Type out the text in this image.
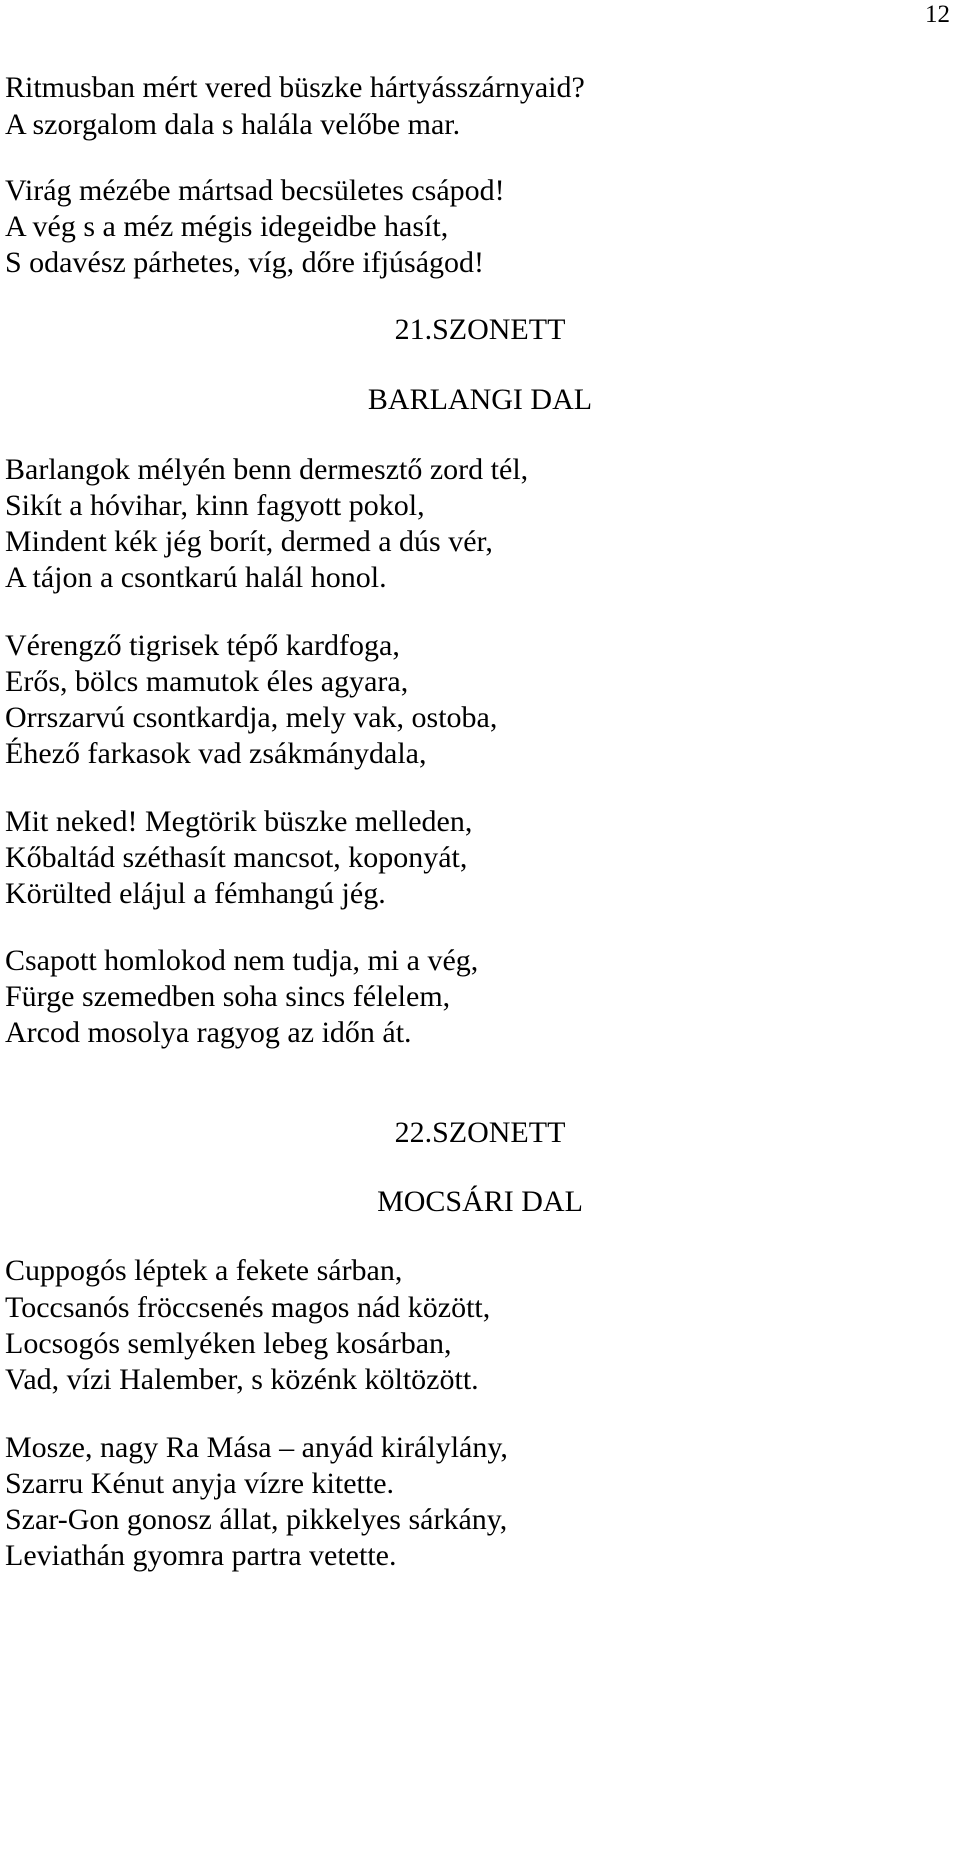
12
Ritmusban mért vered büszke hártyásszárnyaid?
A szorgalom dala s halála velőbe mar.
Virág mézébe mártsad becsületes csápod!
A vég s a méz mégis idegeidbe hasít,
S odavész párhetes, víg, dőre ifjúságod!
21.SZONETT
BARLANGI DAL
Barlangok mélyén benn dermesztő zord tél,
Sikít a hóvihar, kinn fagyott pokol,
Mindent kék jég borít, dermed a dús vér,
A tájon a csontkarú halál honol.
Vérengző tigrisek tépő kardfoga,
Erős, bölcs mamutok éles agyara,
Orrszarvú csontkardja, mely vak, ostoba,
Éhező farkasok vad zsákmánydala,
Mit neked! Megtörik büszke melleden,
Kőbaltád széthasít mancsot, koponyát,
Körülted elájul a fémhangú jég.
Csapott homlokod nem tudja, mi a vég,
Fürge szemedben soha sincs félelem,
Arcod mosolya ragyog az időn át.
22.SZONETT
MOCSÁRI DAL
Cuppogós léptek a fekete sárban,
Toccsanós fröccsenés magos nád között,
Locsogós semlyéken lebeg kosárban,
Vad, vízi Halember, s közénk költözött.
Mosze, nagy Ra Mása – anyád királylány,
Szarru Kénut anyja vízre kitette.
Szar-Gon gonosz állat, pikkelyes sárkány,
Leviathán gyomra partra vetette.
